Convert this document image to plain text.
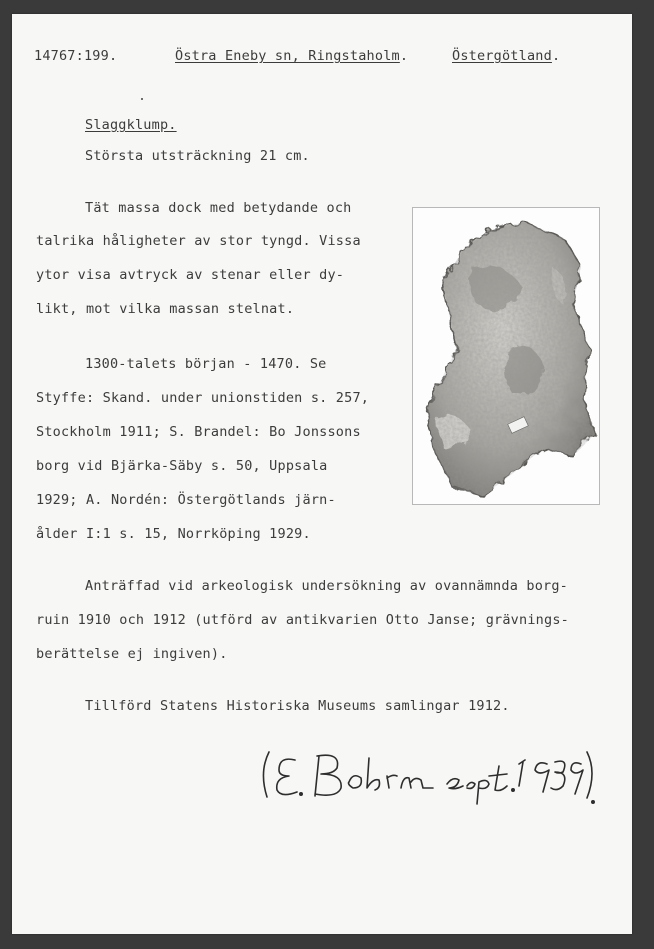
14767:199.	Östra Eneby sn, Ringstaholm.	Östergötland.

Slaggklump.

Största utsträckning 21 cm.

Tät massa dock med betydande och

talrika håligheter av stor tyngd. Vissa

ytor visa avtryck av stenar eller dy-

likt, mot vilka massan stelnat.

1300-talets början - 1470. Se

Styffe: Skand. under unionstiden s. 257,

Stockholm 1911; S. Brandel: Bo Jonssons

borg vid Bjärka-Säby s. 50, Uppsala

1929; A. Nordén: Östergötlands järn-

ålder I:1 s. 15, Norrköping 1929.

Anträffad vid arkeologisk undersökning av ovannämnda borg-

ruin 1910 och 1912 (utförd av antikvarien Otto Janse; grävnings-

berättelse ej ingiven).

Tillförd Statens Historiska Museums samlingar 1912.
